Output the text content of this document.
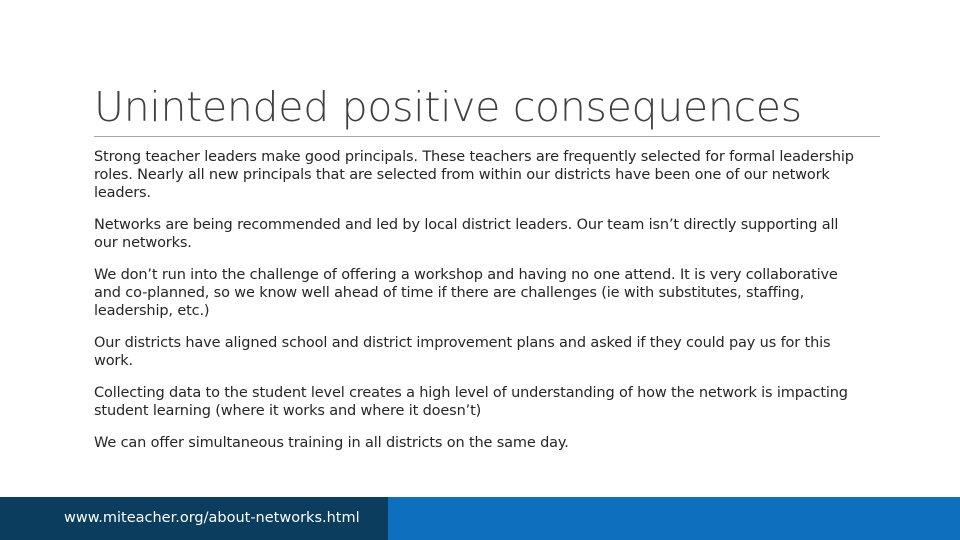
Unintended positive consequences

Strong teacher leaders make good principals. These teachers are frequently selected for formal leadership roles. Nearly all new principals that are selected from within our districts have been one of our network leaders.

Networks are being recommended and led by local district leaders. Our team isn’t directly supporting all our networks.

We don’t run into the challenge of offering a workshop and having no one attend. It is very collaborative and co-planned, so we know well ahead of time if there are challenges (ie with substitutes, staffing, leadership, etc.)

Our districts have aligned school and district improvement plans and asked if they could pay us for this work.

Collecting data to the student level creates a high level of understanding of how the network is impacting student learning (where it works and where it doesn’t)

We can offer simultaneous training in all districts on the same day.

www.miteacher.org/about-networks.html
